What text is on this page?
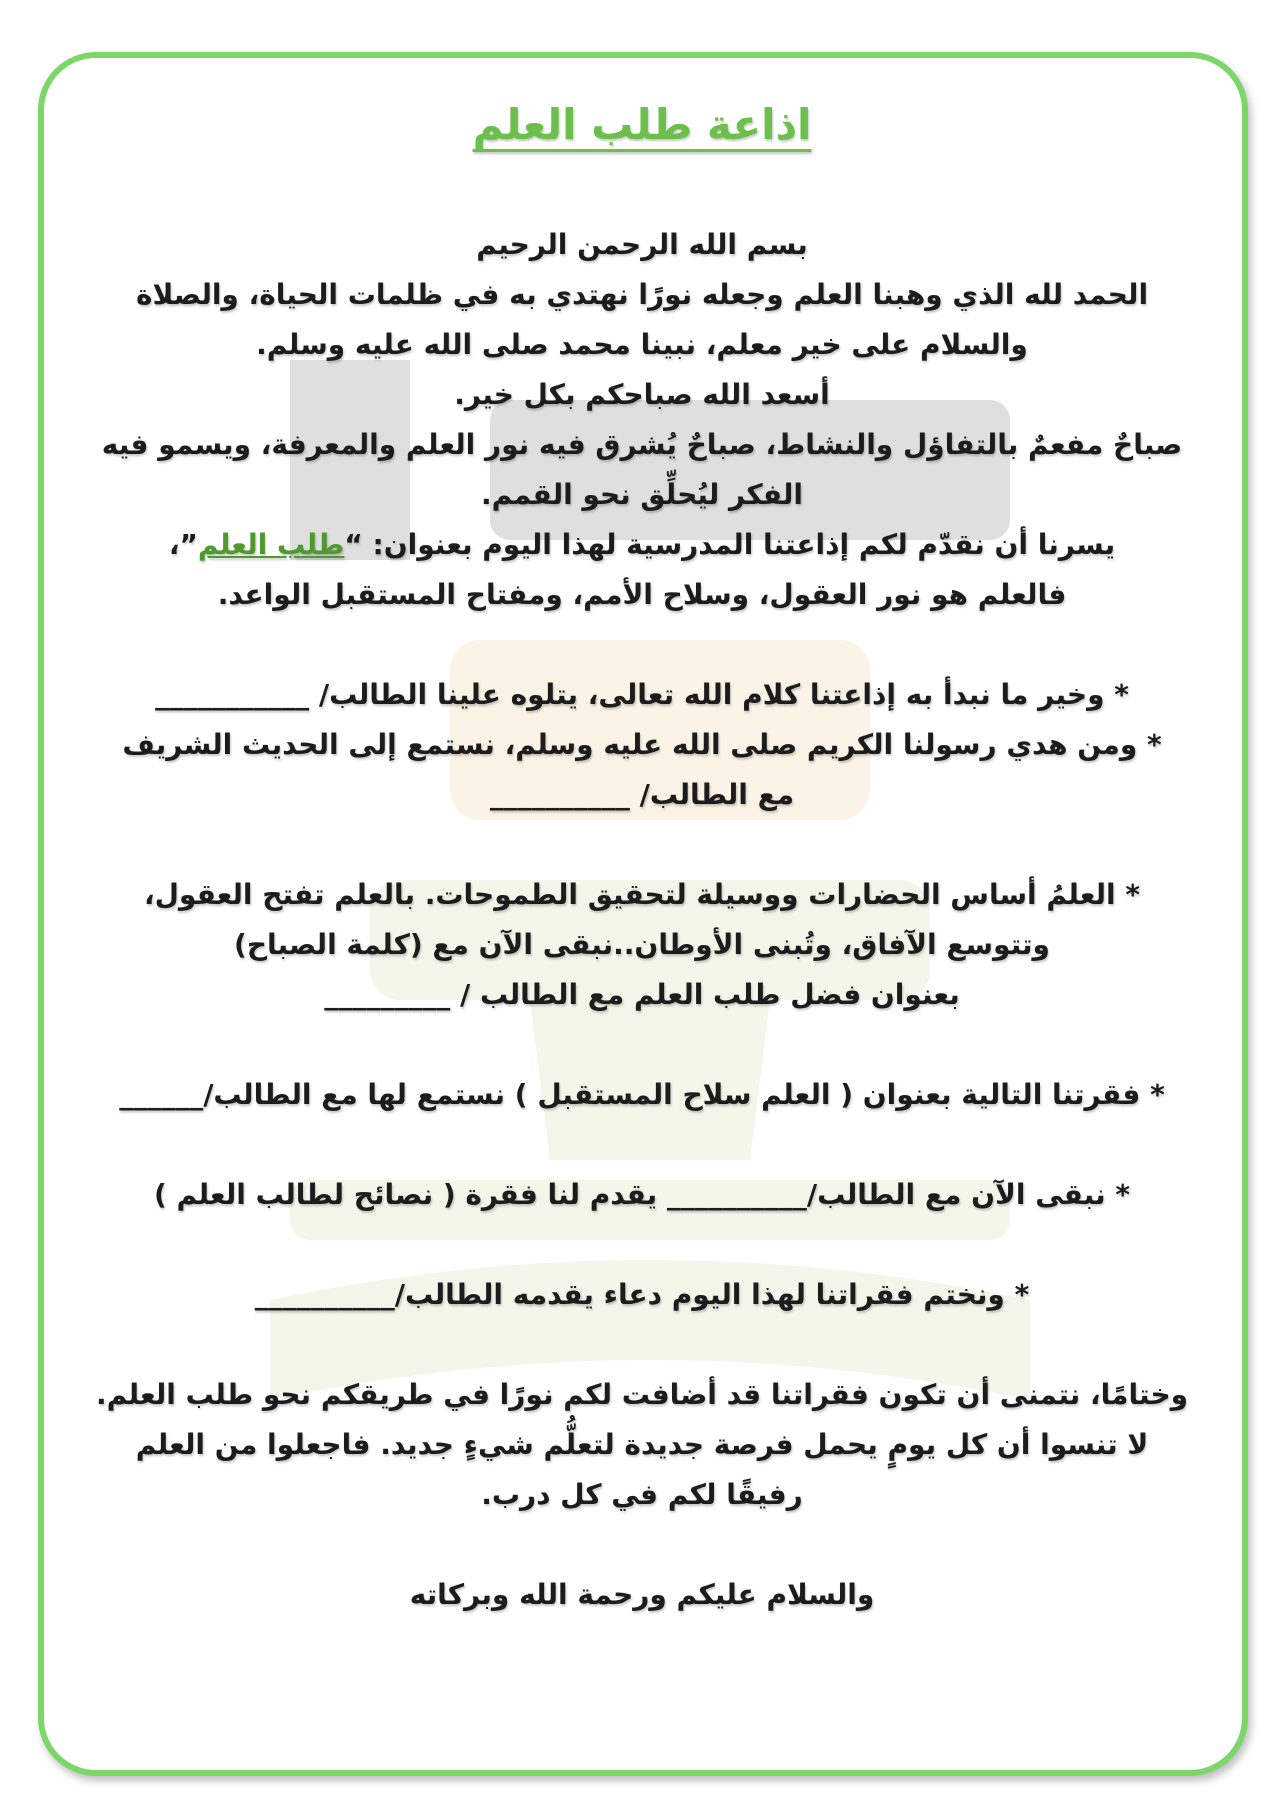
اذاعة طلب العلم

بسم الله الرحمن الرحيم

الحمد لله الذي وهبنا العلم وجعله نورًا نهتدي به في ظلمات الحياة، والصلاة

والسلام على خير معلم، نبينا محمد صلى الله عليه وسلم.

أسعد الله صباحكم بكل خير.

صباحٌ مفعمٌ بالتفاؤل والنشاط، صباحٌ يُشرق فيه نور العلم والمعرفة، ويسمو فيه

الفكر ليُحلِّق نحو القمم.

يسرنا أن نقدّم لكم إذاعتنا المدرسية لهذا اليوم بعنوان: “طلب العلم”،

فالعلم هو نور العقول، وسلاح الأمم، ومفتاح المستقبل الواعد.

* وخير ما نبدأ به إذاعتنا كلام الله تعالى، يتلوه علينا الطالب/ ___________

* ومن هدي رسولنا الكريم صلى الله عليه وسلم، نستمع إلى الحديث الشريف

مع الطالب/ __________

* العلمُ أساس الحضارات ووسيلة لتحقيق الطموحات. بالعلم تفتح العقول،

وتتوسع الآفاق، وتُبنى الأوطان..نبقى الآن مع (كلمة الصباح)

بعنوان فضل طلب العلم مع الطالب / _________

* فقرتنا التالية بعنوان ( العلم سلاح المستقبل ) نستمع لها مع الطالب/______

* نبقى الآن مع الطالب/__________ يقدم لنا فقرة ( نصائح لطالب العلم )

* ونختم فقراتنا لهذا اليوم دعاء يقدمه الطالب/__________

وختامًا، نتمنى أن تكون فقراتنا قد أضافت لكم نورًا في طريقكم نحو طلب العلم.

لا تنسوا أن كل يومٍ يحمل فرصة جديدة لتعلُّم شيءٍ جديد. فاجعلوا من العلم

رفيقًا لكم في كل درب.

والسلام عليكم ورحمة الله وبركاته
